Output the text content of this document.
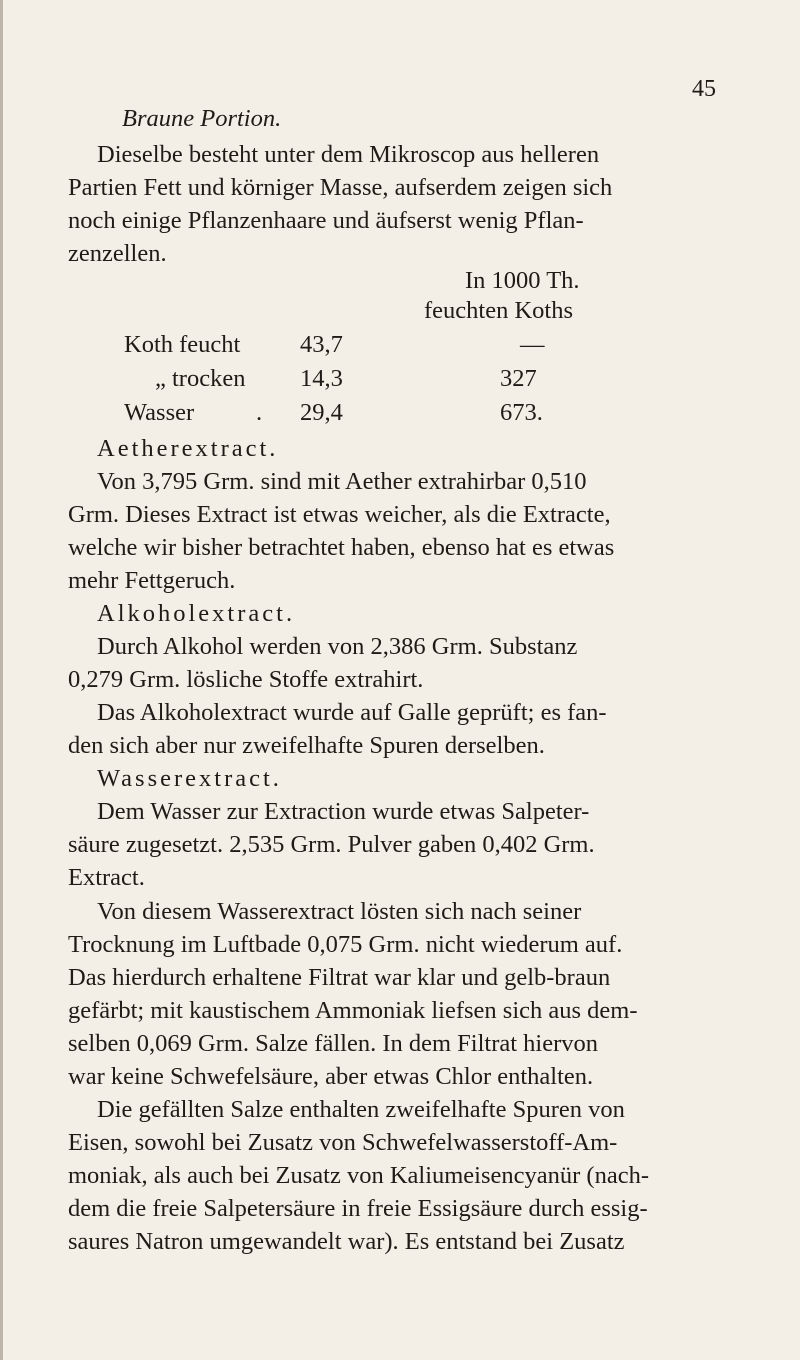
45
Braune Portion.
Dieselbe besteht unter dem Mikroscop aus helleren
Partien Fett und körniger Masse, aufserdem zeigen sich
noch einige Pflanzenhaare und äufserst wenig Pflan-
zenzellen.
In 1000 Th.
feuchten Koths
Koth feucht 43,7	—
„ trocken 14,3	327
Wasser	. 29,4	673.
Aetherextract.
Von 3,795 Grm. sind mit Aether extrahirbar 0,510
Grm. Dieses Extract ist etwas weicher, als die Extracte,
welche wir bisher betrachtet haben, ebenso hat es etwas
mehr Fettgeruch.
Alkoholextract.
Durch Alkohol werden von 2,386 Grm. Substanz
0,279 Grm. lösliche Stoffe extrahirt.
Das Alkoholextract wurde auf Galle geprüft; es fan-
den sich aber nur zweifelhafte Spuren derselben.
Wasserextract.
Dem Wasser zur Extraction wurde etwas Salpeter-
säure zugesetzt. 2,535 Grm. Pulver gaben 0,402 Grm.
Extract.
Von diesem Wasserextract lösten sich nach seiner
Trocknung im Luftbade 0,075 Grm. nicht wiederum auf.
Das hierdurch erhaltene Filtrat war klar und gelb-braun
gefärbt; mit kaustischem Ammoniak liefsen sich aus dem-
selben 0,069 Grm. Salze fällen. In dem Filtrat hiervon
war keine Schwefelsäure, aber etwas Chlor enthalten.
Die gefällten Salze enthalten zweifelhafte Spuren von
Eisen, sowohl bei Zusatz von Schwefelwasserstoff-Am-
moniak, als auch bei Zusatz von Kaliumeisencyanür (nach-
dem die freie Salpetersäure in freie Essigsäure durch essig-
saures Natron umgewandelt war). Es entstand bei Zusatz
